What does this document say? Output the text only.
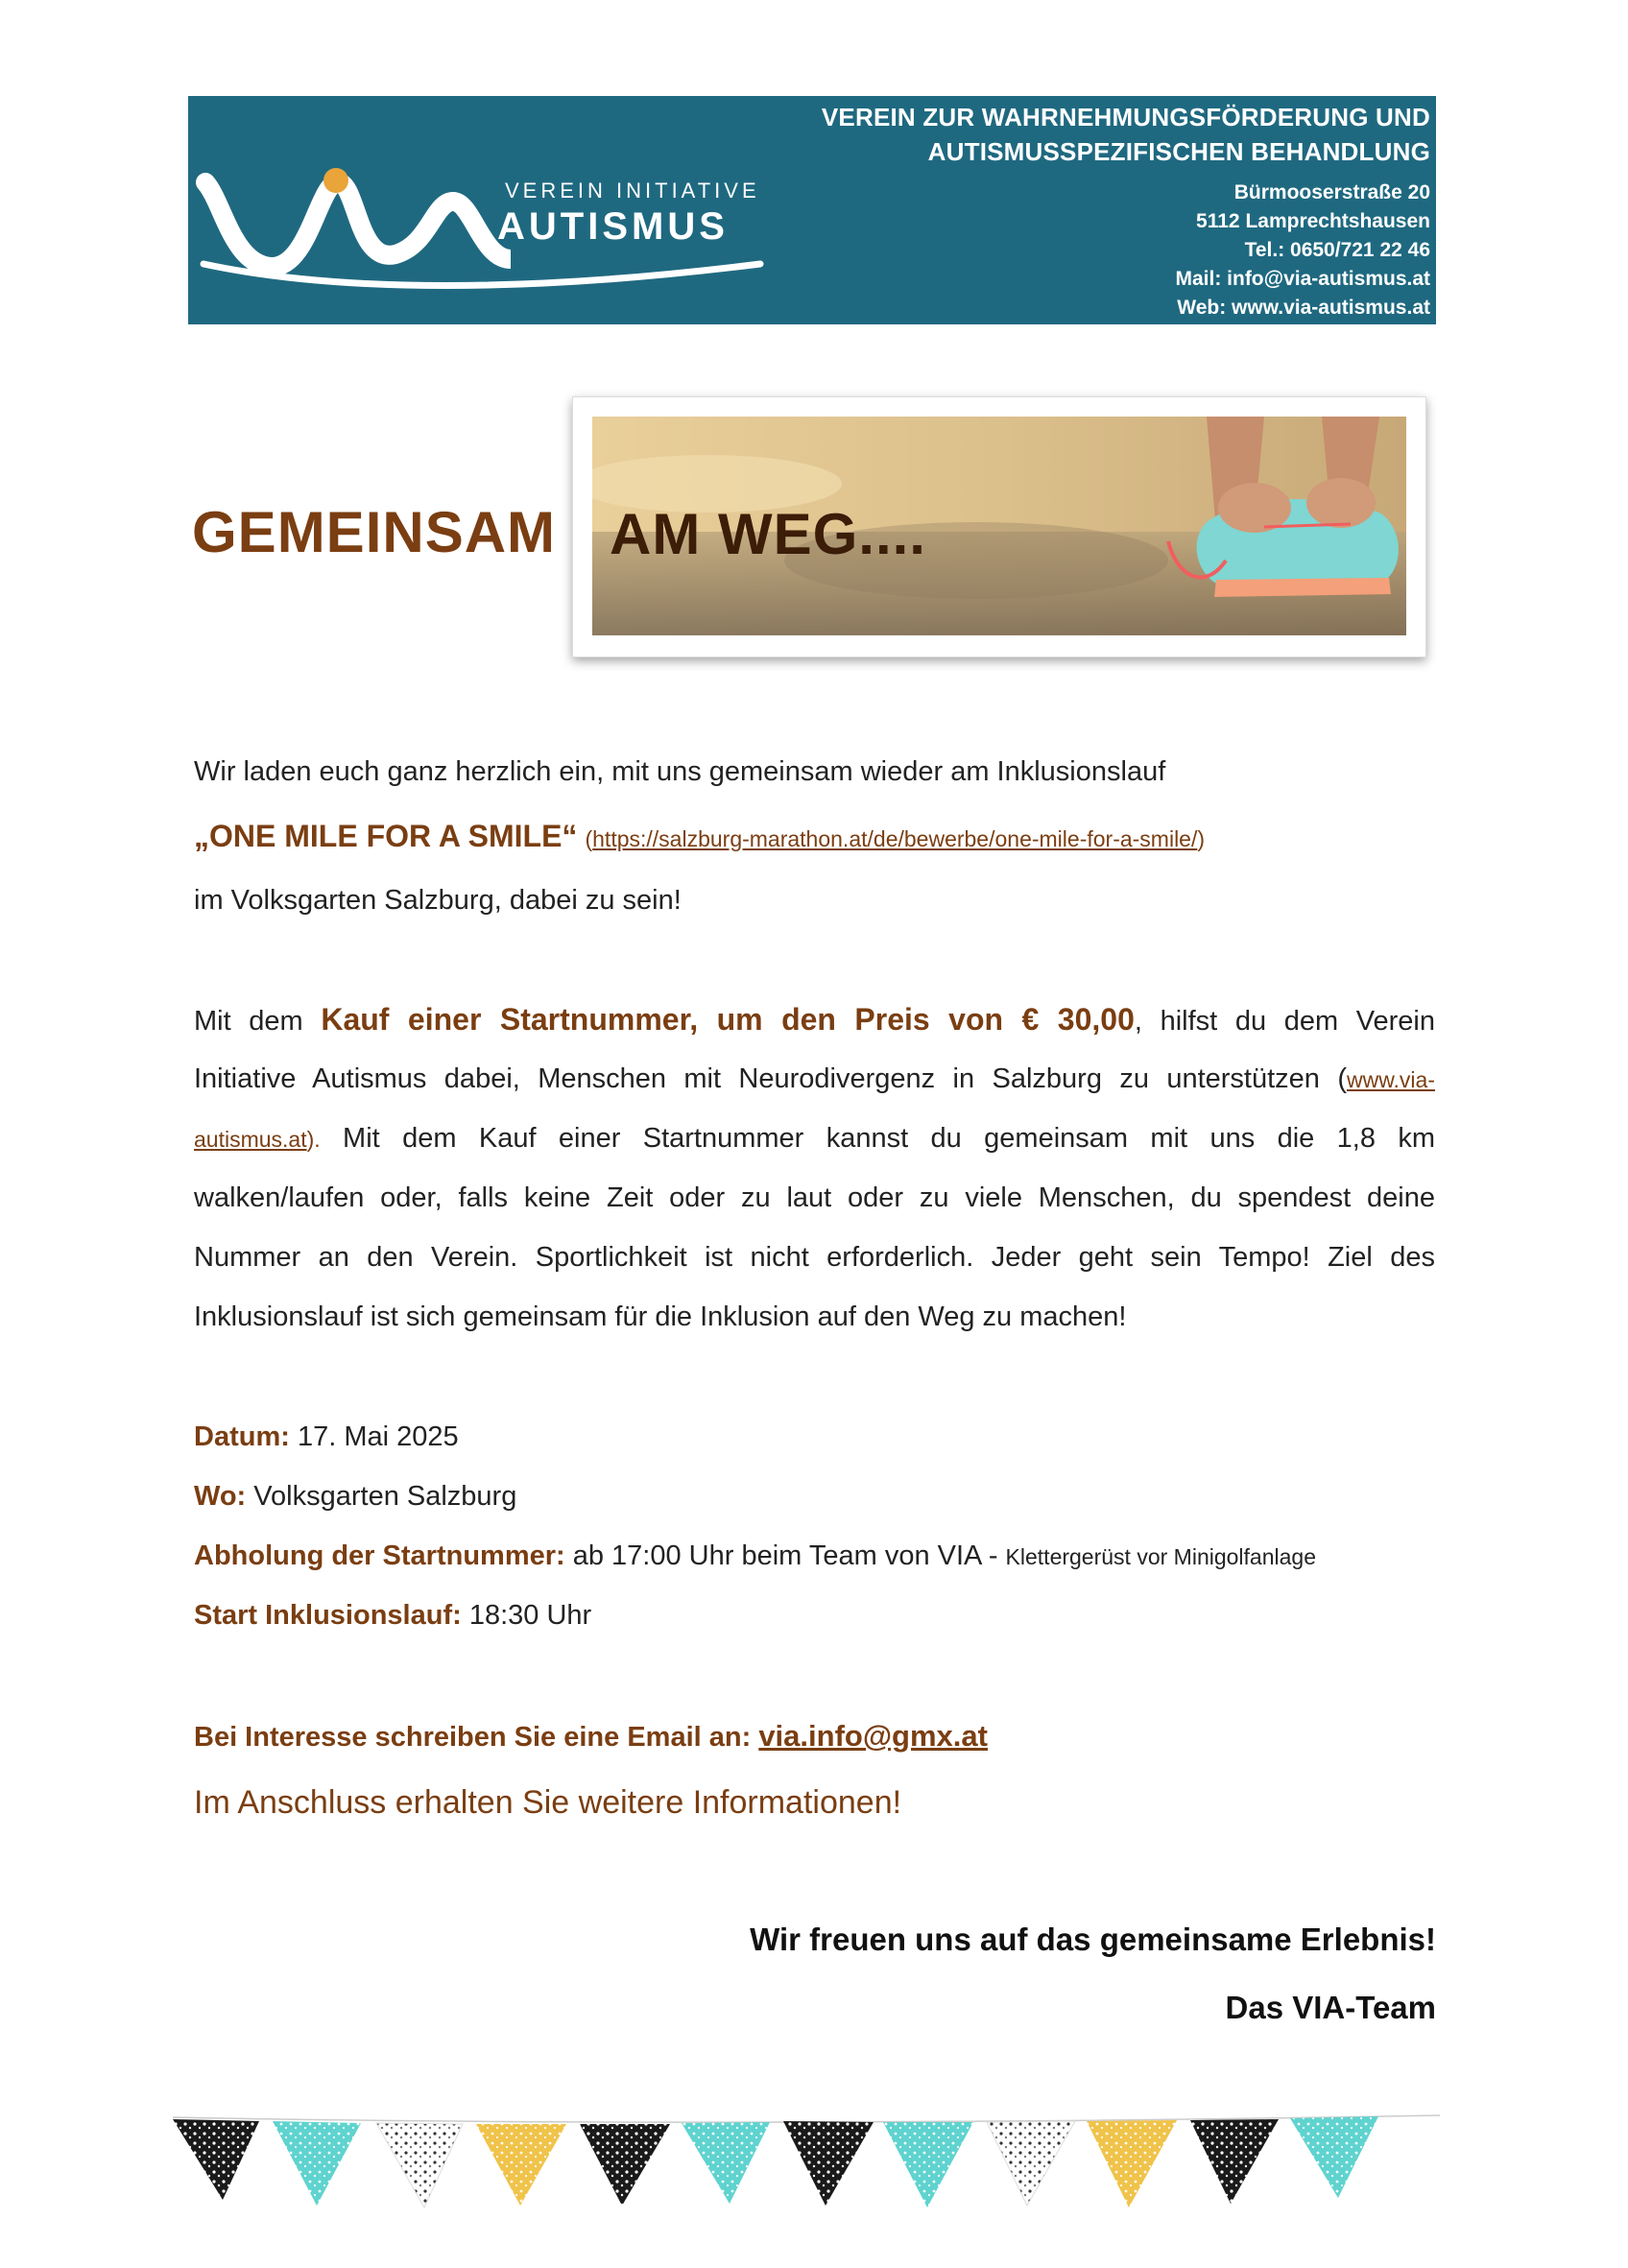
VEREIN INITIATIVE
AUTISMUS
VEREIN ZUR WAHRNEHMUNGSFÖRDERUNG UND
AUTISMUSSPEZIFISCHEN BEHANDLUNG
Bürmooserstraße 20
5112 Lamprechtshausen
Tel.: 0650/721 22 46
Mail: info@via-autismus.at
Web: www.via-autismus.at
GEMEINSAM AM WEG....
Wir laden euch ganz herzlich ein, mit uns gemeinsam wieder am Inklusionslauf
„ONE MILE FOR A SMILE“ (https://salzburg-marathon.at/de/bewerbe/one-mile-for-a-smile/)
im Volksgarten Salzburg, dabei zu sein!
Mit dem Kauf einer Startnummer, um den Preis von € 30,00, hilfst du dem Verein
Initiative Autismus dabei, Menschen mit Neurodivergenz in Salzburg zu unterstützen (www.via-
autismus.at). Mit dem Kauf einer Startnummer kannst du gemeinsam mit uns die 1,8 km
walken/laufen oder, falls keine Zeit oder zu laut oder zu viele Menschen, du spendest deine
Nummer an den Verein. Sportlichkeit ist nicht erforderlich. Jeder geht sein Tempo! Ziel des
Inklusionslauf ist sich gemeinsam für die Inklusion auf den Weg zu machen!
Datum: 17. Mai 2025
Wo: Volksgarten Salzburg
Abholung der Startnummer: ab 17:00 Uhr beim Team von VIA - Klettergerüst vor Minigolfanlage
Start Inklusionslauf: 18:30 Uhr
Bei Interesse schreiben Sie eine Email an: via.info@gmx.at
Im Anschluss erhalten Sie weitere Informationen!
Wir freuen uns auf das gemeinsame Erlebnis!
Das VIA-Team
